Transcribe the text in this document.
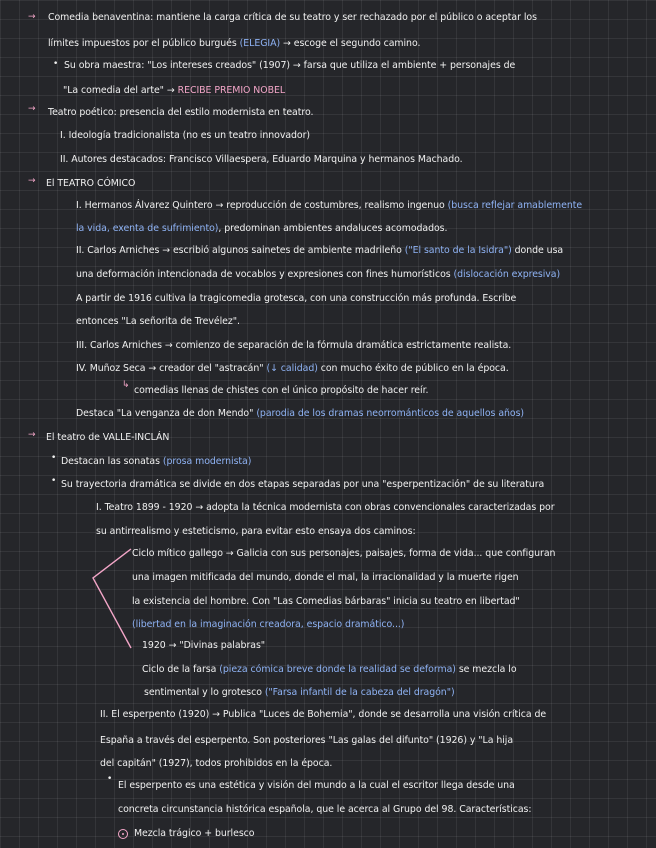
Comedia benaventina: mantiene la carga crítica de su teatro y ser rechazado por el público o aceptar los
límites impuestos por el público burgués (ELEGIA) → escoge el segundo camino.
Su obra maestra: "Los intereses creados" (1907) → farsa que utiliza el ambiente + personajes de
"La comedia del arte" → RECIBE PREMIO NOBEL
Teatro poético: presencia del estilo modernista en teatro.
I. Ideología tradicionalista (no es un teatro innovador)
II. Autores destacados: Francisco Villaespera, Eduardo Marquina y hermanos Machado.
El TEATRO CÓMICO
I. Hermanos Álvarez Quintero → reproducción de costumbres, realismo ingenuo (busca reflejar amablemente
la vida, exenta de sufrimiento), predominan ambientes andaluces acomodados.
II. Carlos Arniches → escribió algunos sainetes de ambiente madrileño ("El santo de la Isidra") donde usa
una deformación intencionada de vocablos y expresiones con fines humorísticos (dislocación expresiva)
A partir de 1916 cultiva la tragicomedia grotesca, con una construcción más profunda. Escribe
entonces "La señorita de Trevélez".
III. Carlos Arniches → comienzo de separación de la fórmula dramática estrictamente realista.
IV. Muñoz Seca → creador del "astracán" (↓ calidad) con mucho éxito de público en la época.
comedias llenas de chistes con el único propósito de hacer reír.
Destaca "La venganza de don Mendo" (parodia de los dramas neorrománticos de aquellos años)
El teatro de VALLE-INCLÁN
Destacan las sonatas (prosa modernista)
Su trayectoria dramática se divide en dos etapas separadas por una "esperpentización" de su literatura
I. Teatro 1899 - 1920 → adopta la técnica modernista con obras convencionales caracterizadas por
su antirrealismo y esteticismo, para evitar esto ensaya dos caminos:
Ciclo mítico gallego → Galicia con sus personajes, paisajes, forma de vida... que configuran
una imagen mitificada del mundo, donde el mal, la irracionalidad y la muerte rigen
la existencia del hombre. Con "Las Comedias bárbaras" inicia su teatro en libertad"
(libertad en la imaginación creadora, espacio dramático...)
1920 → "Divinas palabras"
Ciclo de la farsa (pieza cómica breve donde la realidad se deforma) se mezcla lo
sentimental y lo grotesco ("Farsa infantil de la cabeza del dragón")
II. El esperpento (1920) → Publica "Luces de Bohemia", donde se desarrolla una visión crítica de
España a través del esperpento. Son posteriores "Las galas del difunto" (1926) y "La hija
del capitán" (1927), todos prohibidos en la época.
El esperpento es una estética y visión del mundo a la cual el escritor llega desde una
concreta circunstancia histórica española, que le acerca al Grupo del 98. Características:
Mezcla trágico + burlesco
→
→
→
→
•
•
•
•
↳
